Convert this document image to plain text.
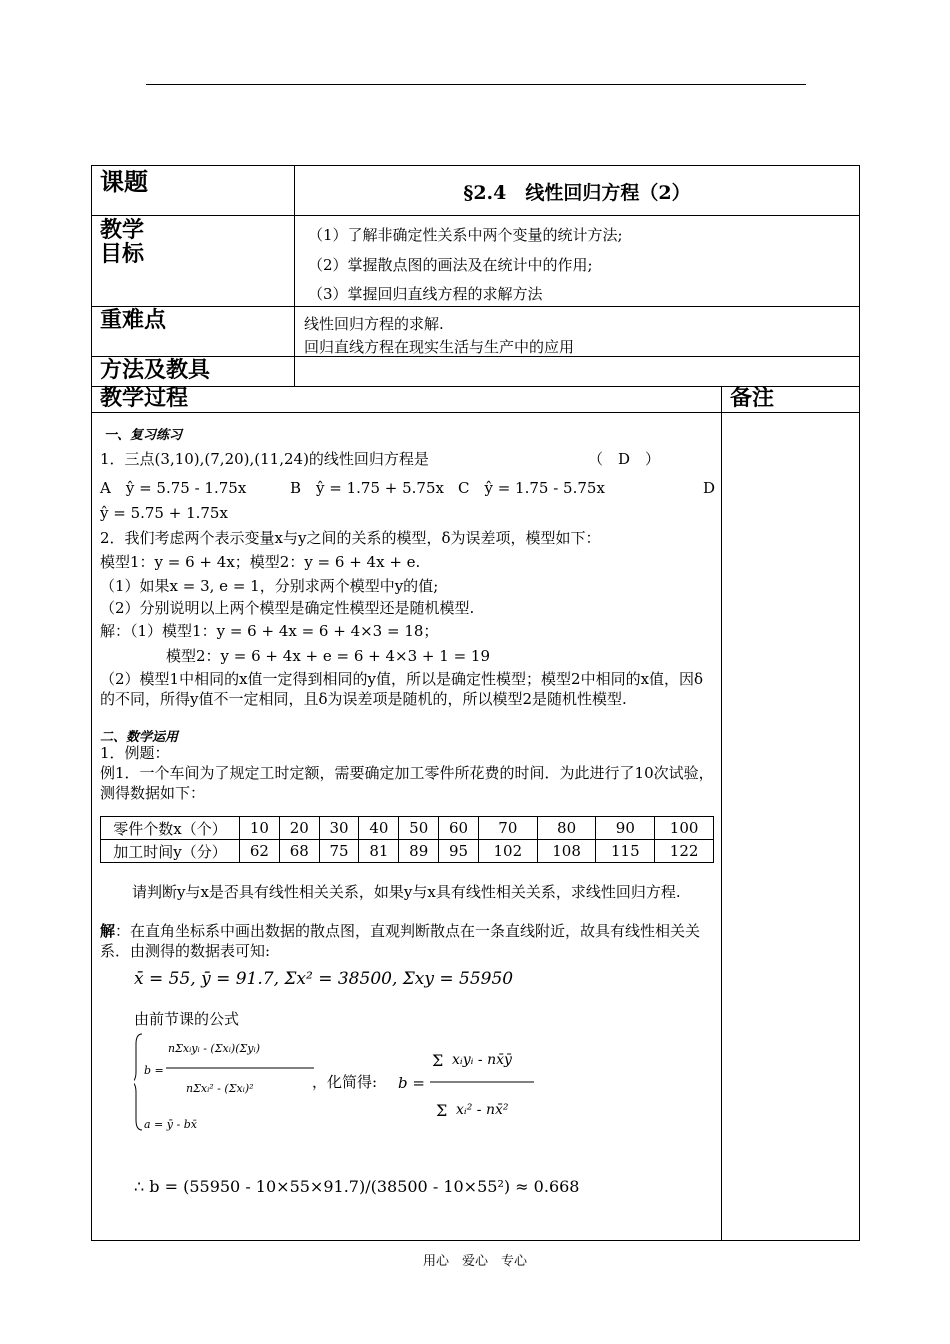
课题	§2.4　线性回归方程（2）
教学
目标
（1）了解非确定性关系中两个变量的统计方法;
（2）掌握散点图的画法及在统计中的作用;
（3）掌握回归直线方程的求解方法
重难点	线性回归方程的求解.
回归直线方程在现实生活与生产中的应用
方法及教具
教学过程	备注
一、复习练习
1．三点(3,10),(7,20),(11,24)的线性回归方程是	（　D　）
A　ŷ = 5.75 - 1.75x	B　ŷ = 1.75 + 5.75x C　ŷ = 1.75 - 5.75x	D
ŷ = 5.75 + 1.75x
2．我们考虑两个表示变量x与y之间的关系的模型，δ为误差项，模型如下：
模型1：y = 6 + 4x；模型2：y = 6 + 4x + e.
（1）如果x = 3, e = 1，分别求两个模型中y的值;
（2）分别说明以上两个模型是确定性模型还是随机模型.
解：（1）模型1：y = 6 + 4x = 6 + 4×3 = 18；
模型2：y = 6 + 4x + e = 6 + 4×3 + 1 = 19
（2）模型1中相同的x值一定得到相同的y值，所以是确定性模型；模型2中相同的x值，因δ的不同，所得y值不一定相同，且δ为误差项是随机的，所以模型2是随机性模型.
二、数学运用
1．例题：
例1．一个车间为了规定工时定额，需要确定加工零件所花费的时间．为此进行了10次试验，测得数据如下：
零件个数x（个）	10	20	30	40	50	60	70	80	90	100
加工时间y（分）	62	68	75	81	89	95	102	108	115	122
请判断y与x是否具有线性相关关系，如果y与x具有线性相关关系，求线性回归方程.
解：在直角坐标系中画出数据的散点图，直观判断散点在一条直线附近，故具有线性相关关系．由测得的数据表可知:
x̄ = 55, ȳ = 91.7, Σx² = 38500, Σxy = 55950
由前节课的公式
b =
nΣxᵢyᵢ - (Σxᵢ)(Σyᵢ)
nΣxᵢ² - (Σxᵢ)²
a = ȳ - bx̄
，化简得: b =
Σ xᵢyᵢ - nx̄ȳ
Σ xᵢ² - nx̄²
∴ b = (55950 - 10×55×91.7)/(38500 - 10×55²) ≈ 0.668
用心　爱心　专心
